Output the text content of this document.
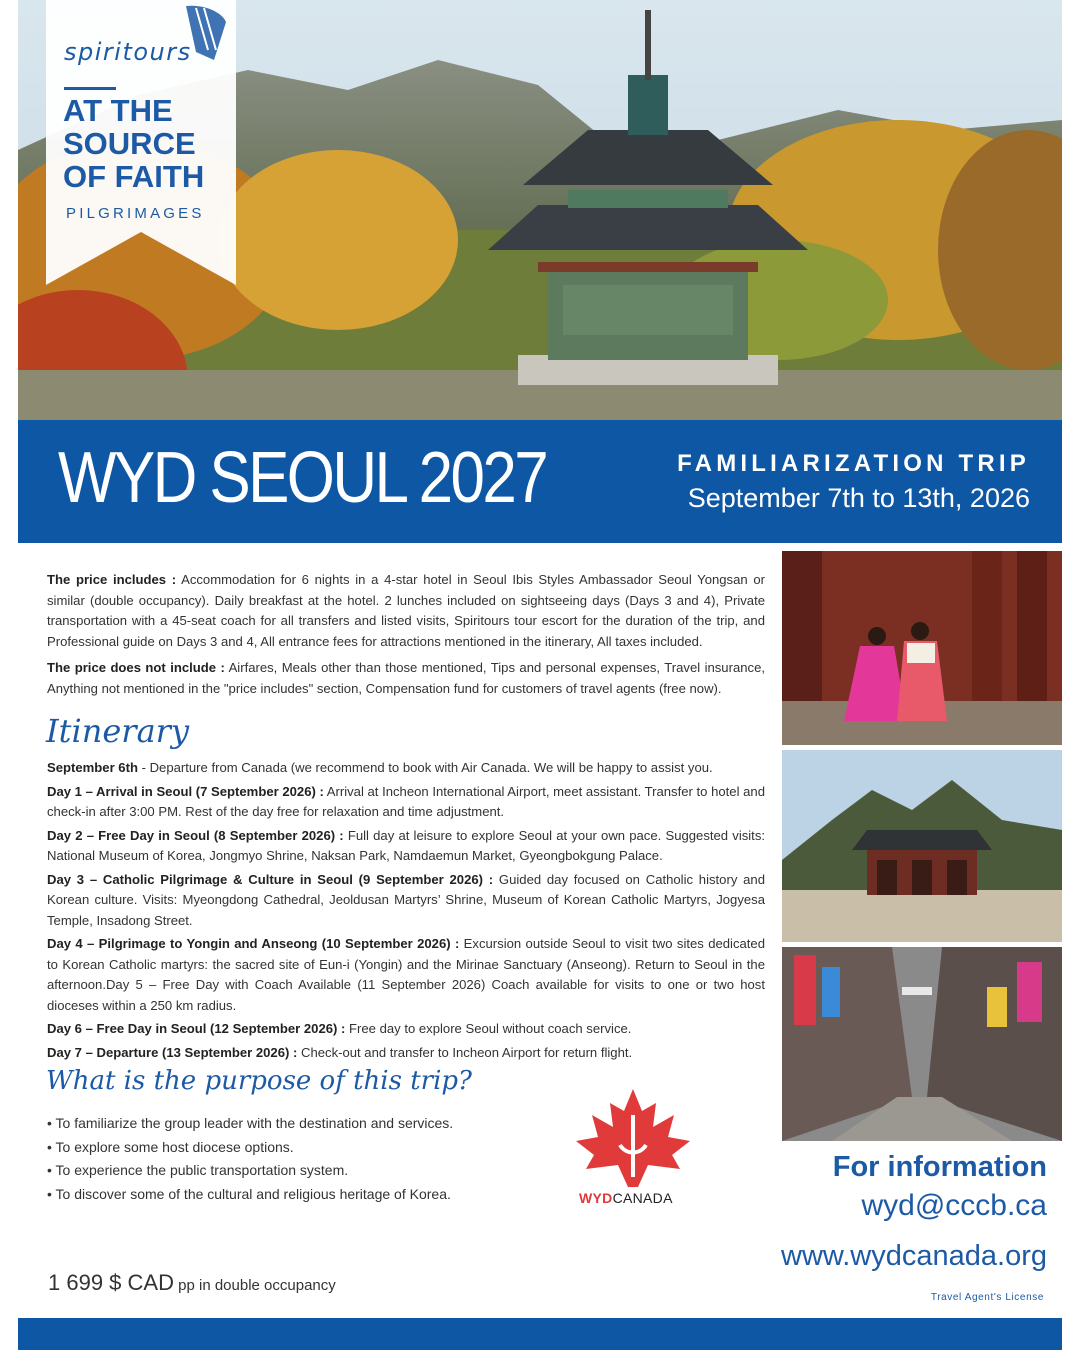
spiritours
AT THE
SOURCE
OF FAITH
PILGRIMAGES
WYD SEOUL 2027	FAMILIARIZATION TRIP
September 7th to 13th, 2026

The price includes : Accommodation for 6 nights in a 4-star hotel in Seoul Ibis Styles Ambassador Seoul Yongsan or similar (double occupancy). Daily breakfast at the hotel. 2 lunches included on sightseeing days (Days 3 and 4), Private transportation with a 45-seat coach for all transfers and listed visits, Spiritours tour escort for the duration of the trip, and Professional guide on Days 3 and 4, All entrance fees for attractions mentioned in the itinerary, All taxes included.

The price does not include : Airfares, Meals other than those mentioned, Tips and personal expenses, Travel insurance, Anything not mentioned in the "price includes" section, Compensation fund for customers of travel agents (free now).

Itinerary

September 6th - Departure from Canada (we recommend to book with Air Canada. We will be happy to assist you.

Day 1 – Arrival in Seoul (7 September 2026) : Arrival at Incheon International Airport, meet assistant. Transfer to hotel and check-in after 3:00 PM. Rest of the day free for relaxation and time adjustment.

Day 2 – Free Day in Seoul (8 September 2026) : Full day at leisure to explore Seoul at your own pace. Suggested visits: National Museum of Korea, Jongmyo Shrine, Naksan Park, Namdaemun Market, Gyeongbokgung Palace.

Day 3 – Catholic Pilgrimage & Culture in Seoul (9 September 2026) : Guided day focused on Catholic history and Korean culture. Visits: Myeongdong Cathedral, Jeoldusan Martyrs’ Shrine, Museum of Korean Catholic Martyrs, Jogyesa Temple, Insadong Street.

Day 4 – Pilgrimage to Yongin and Anseong (10 September 2026) : Excursion outside Seoul to visit two sites dedicated to Korean Catholic martyrs: the sacred site of Eun-i (Yongin) and the Mirinae Sanctuary (Anseong). Return to Seoul in the afternoon.Day 5 – Free Day with Coach Available (11 September 2026) Coach available for visits to one or two host dioceses within a 250 km radius.

Day 6 – Free Day in Seoul (12 September 2026) : Free day to explore Seoul without coach service.

Day 7 – Departure (13 September 2026) : Check-out and transfer to Incheon Airport for return flight.

What is the purpose of this trip?
• To familiarize the group leader with the destination and services.
• To explore some host diocese options.
• To experience the public transportation system.
• To discover some of the cultural and religious heritage of Korea.	WYDCANADA
For information
wyd@cccb.ca
www.wydcanada.org
Travel Agent's License
1 699 $ CAD pp in double occupancy
